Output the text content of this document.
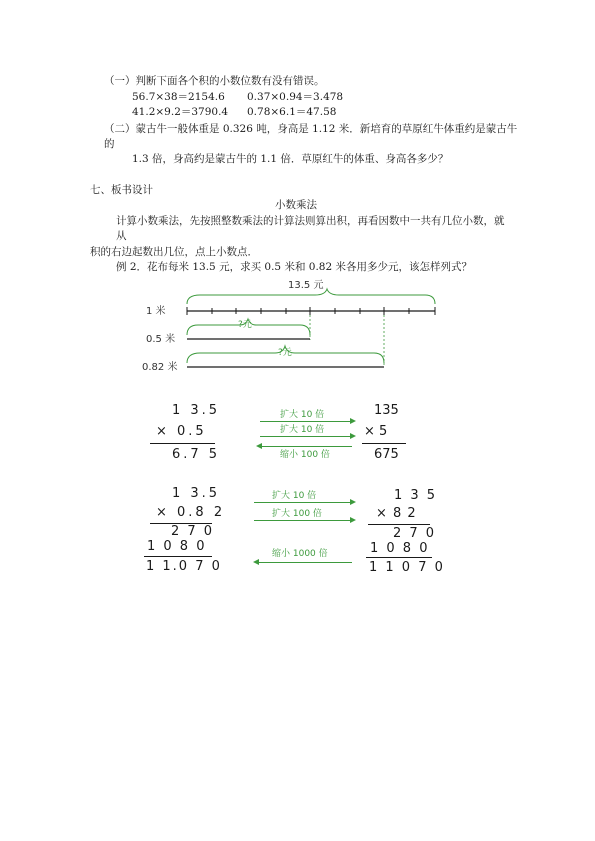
（一）判断下面各个积的小数位数有没有错误。
56.7×38＝2154.6 0.37×0.94＝3.478
41.2×9.2＝3790.4 0.78×6.1＝47.58
（二）蒙古牛一般体重是 0.326 吨，身高是 1.12 米．新培育的草原红牛体重约是蒙古牛
的
1.3 倍，身高约是蒙古牛的 1.1 倍．草原红牛的体重、身高各多少？
七、板书设计
小数乘法
计算小数乘法，先按照整数乘法的计算法则算出积，再看因数中一共有几位小数，就
从
积的右边起数出几位，点上小数点．
例 2．花布每米 13.5 元，求买 0.5 米和 0.82 米各用多少元，该怎样列式？
13.5 元
1 米
?元
0.5 米
?元
0.82 米
1 3.5
× 0.5
6.7 5
扩大 10 倍
扩大 10 倍
缩小 100 倍
135
× 5
675
1 3.5
× 0.8 2
2 7 0
1 0 8 0
1 1.0 7 0
扩大 10 倍
扩大 100 倍
缩小 1000 倍
1 3 5
× 8 2
2 7 0
1 0 8 0
1 1 0 7 0
